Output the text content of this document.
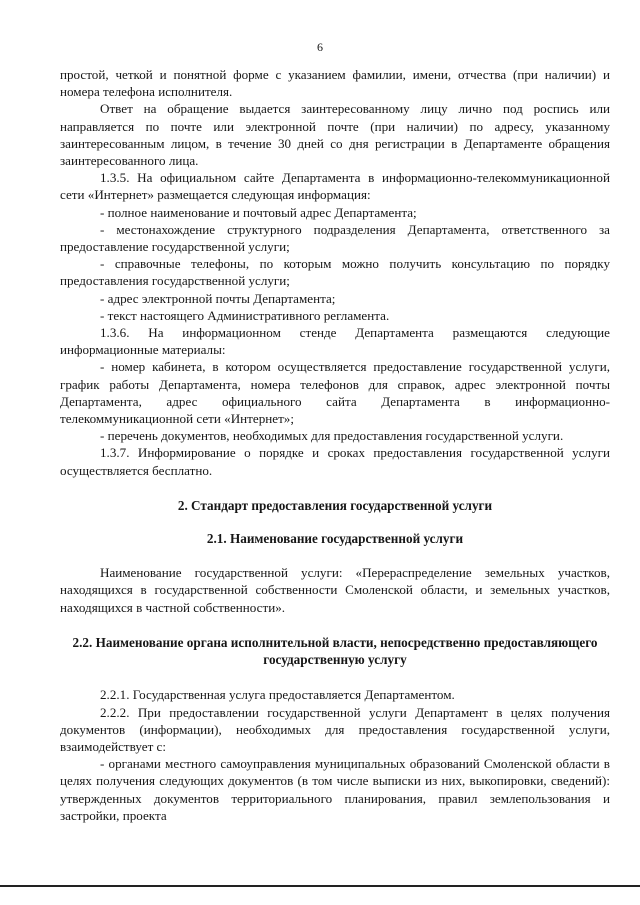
6

простой, четкой и понятной форме с указанием фамилии, имени, отчества (при наличии) и номера телефона исполнителя.

Ответ на обращение выдается заинтересованному лицу лично под роспись или направляется по почте или электронной почте (при наличии) по адресу, указанному заинтересованным лицом, в течение 30 дней со дня регистрации в Департаменте обращения заинтересованного лица.

1.3.5. На официальном сайте Департамента в информационно-телекоммуникационной сети «Интернет» размещается следующая информация:

- полное наименование и почтовый адрес Департамента;

- местонахождение структурного подразделения Департамента, ответственного за предоставление государственной услуги;

- справочные телефоны, по которым можно получить консультацию по порядку предоставления государственной услуги;

- адрес электронной почты Департамента;

- текст настоящего Административного регламента.

1.3.6. На информационном стенде Департамента размещаются следующие информационные материалы:

- номер кабинета, в котором осуществляется предоставление государственной услуги, график работы Департамента, номера телефонов для справок, адрес электронной почты Департамента, адрес официального сайта Департамента в информационно-телекоммуникационной сети «Интернет»;

- перечень документов, необходимых для предоставления государственной услуги.

1.3.7. Информирование о порядке и сроках предоставления государственной услуги осуществляется бесплатно.

2. Стандарт предоставления государственной услуги

2.1. Наименование государственной услуги

Наименование государственной услуги: «Перераспределение земельных участков, находящихся в государственной собственности Смоленской области, и земельных участков, находящихся в частной собственности».

2.2. Наименование органа исполнительной власти, непосредственно предоставляющего государственную услугу

2.2.1. Государственная услуга предоставляется Департаментом.

2.2.2. При предоставлении государственной услуги Департамент в целях получения документов (информации), необходимых для предоставления государственной услуги, взаимодействует с:

- органами местного самоуправления муниципальных образований Смоленской области в целях получения следующих документов (в том числе выписки из них, выкопировки, сведений): утвержденных документов территориального планирования, правил землепользования и застройки, проекта
